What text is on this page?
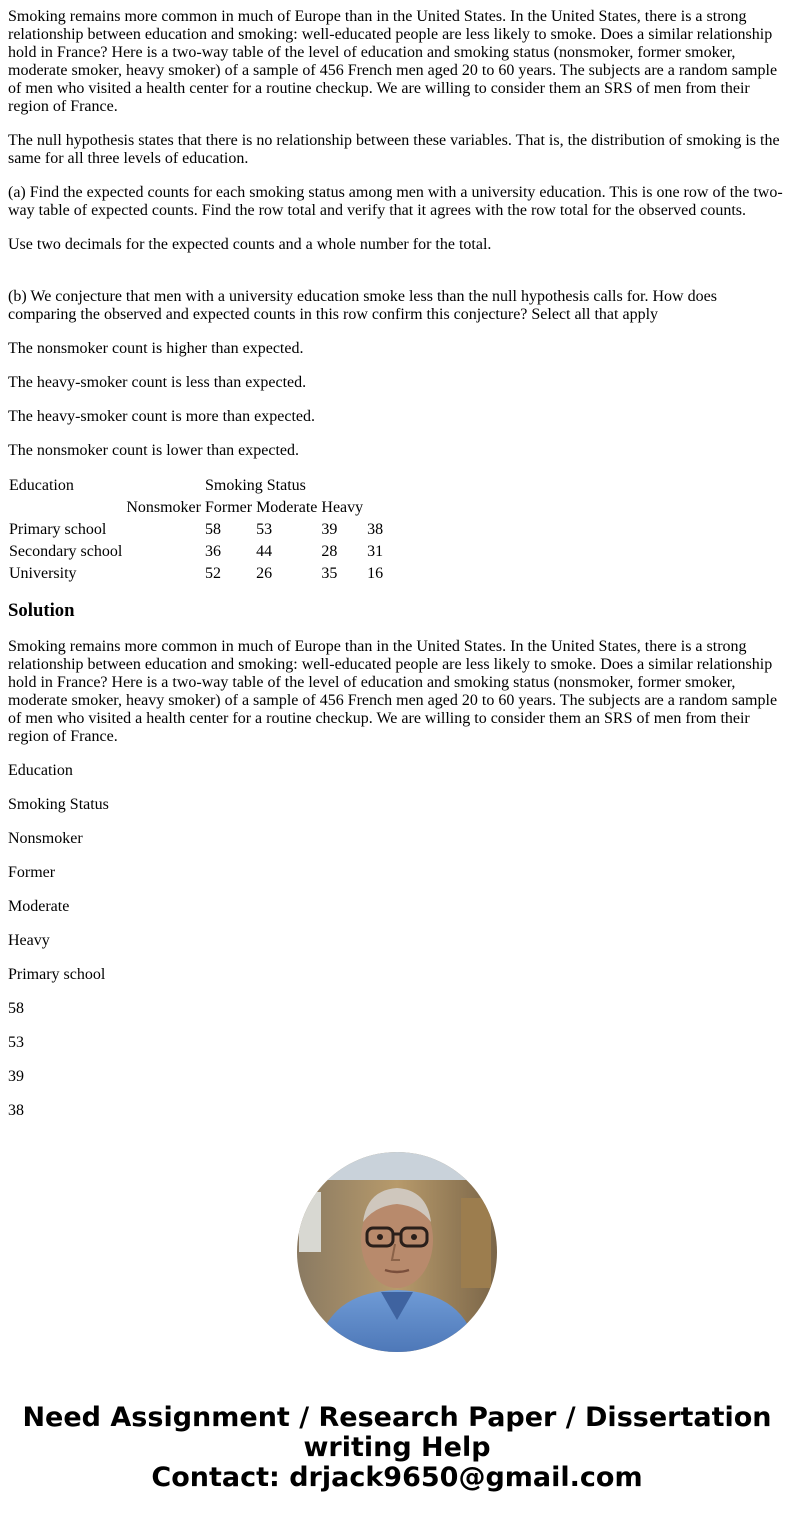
Smoking remains more common in much of Europe than in the United States. In the United States, there is a strong relationship between education and smoking: well-educated people are less likely to smoke. Does a similar relationship hold in France? Here is a two-way table of the level of education and smoking status (nonsmoker, former smoker, moderate smoker, heavy smoker) of a sample of 456 French men aged 20 to 60 years. The subjects are a random sample of men who visited a health center for a routine checkup. We are willing to consider them an SRS of men from their region of France.

The null hypothesis states that there is no relationship between these variables. That is, the distribution of smoking is the same for all three levels of education.

(a) Find the expected counts for each smoking status among men with a university education. This is one row of the two-way table of expected counts. Find the row total and verify that it agrees with the row total for the observed counts.

Use two decimals for the expected counts and a whole number for the total.

(b) We conjecture that men with a university education smoke less than the null hypothesis calls for. How does comparing the observed and expected counts in this row confirm this conjecture? Select all that apply

The nonsmoker count is higher than expected.

The heavy-smoker count is less than expected.

The heavy-smoker count is more than expected.

The nonsmoker count is lower than expected.

Education		Smoking Status			
	Nonsmoker	Former	Moderate	Heavy	
Primary school		58	53	39	38
Secondary school		36	44	28	31
University		52	26	35	16
Solution

Smoking remains more common in much of Europe than in the United States. In the United States, there is a strong relationship between education and smoking: well-educated people are less likely to smoke. Does a similar relationship hold in France? Here is a two-way table of the level of education and smoking status (nonsmoker, former smoker, moderate smoker, heavy smoker) of a sample of 456 French men aged 20 to 60 years. The subjects are a random sample of men who visited a health center for a routine checkup. We are willing to consider them an SRS of men from their region of France.

Education

Smoking Status

Nonsmoker

Former

Moderate

Heavy

Primary school

58

53

39

38

Need Assignment / Research Paper / Dissertation
writing Help
Contact: drjack9650@gmail.com
